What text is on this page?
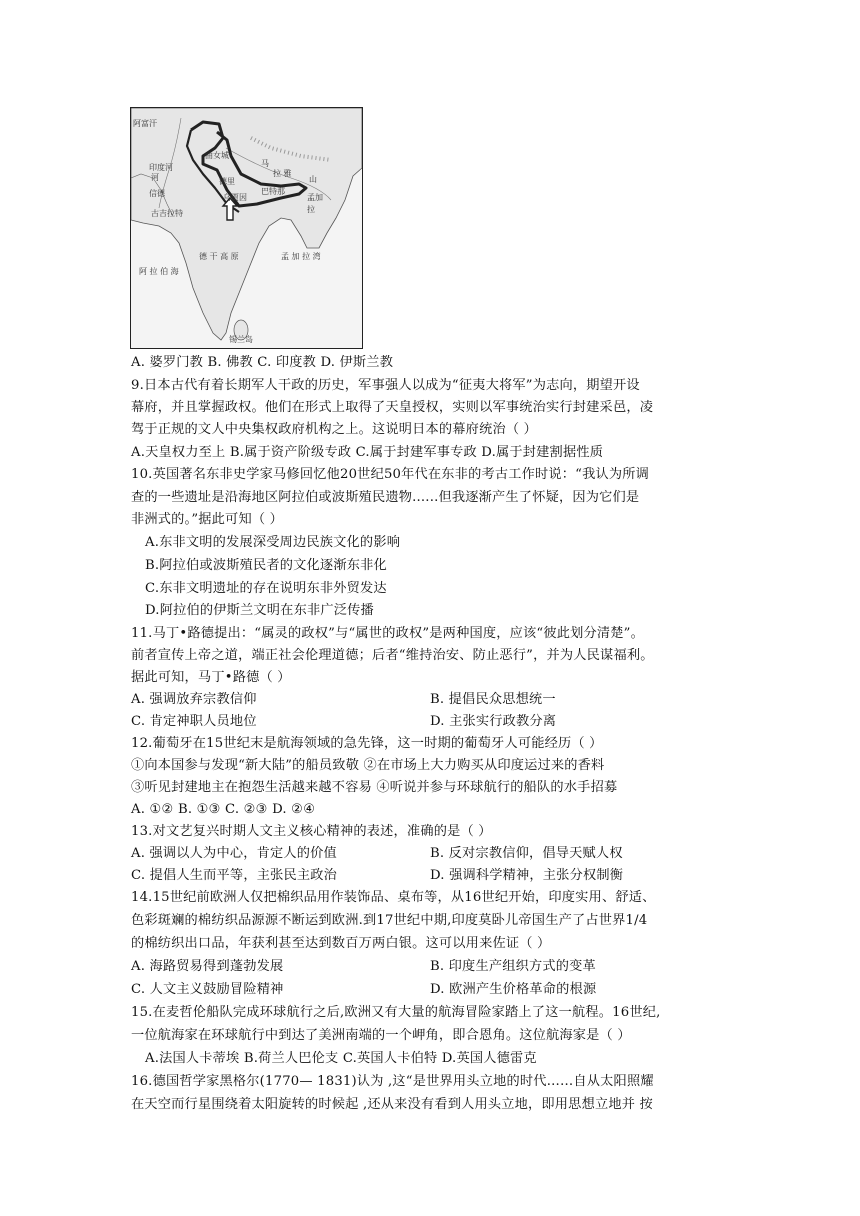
阿富汗
印度河
河
信德
古吉拉特
曲女城
德里
马
拉 雅
山
巴特那
乌贾因	孟加
拉
阿 拉 伯 海
德 干 高 原	孟 加 拉 湾
锡兰岛
A. 婆罗门教 B. 佛教 C. 印度教 D. 伊斯兰教
9.日本古代有着长期军人干政的历史，军事强人以成为“征夷大将军”为志向，期望开设
幕府，并且掌握政权。他们在形式上取得了天皇授权，实则以军事统治实行封建采邑，凌
驾于正规的文人中央集权政府机构之上。这说明日本的幕府统治（ ）
A.天皇权力至上 B.属于资产阶级专政 C.属于封建军事专政 D.属于封建割据性质
10.英国著名东非史学家马修回忆他20世纪50年代在东非的考古工作时说：“我认为所调
查的一些遗址是沿海地区阿拉伯或波斯殖民遗物......但我逐渐产生了怀疑，因为它们是
非洲式的。”据此可知（ ）
A.东非文明的发展深受周边民族文化的影响
B.阿拉伯或波斯殖民者的文化逐渐东非化
C.东非文明遗址的存在说明东非外贸发达
D.阿拉伯的伊斯兰文明在东非广泛传播
11.马丁•路德提出：“属灵的政权”与“属世的政权”是两种国度，应该“彼此划分清楚”。
前者宣传上帝之道，端正社会伦理道德；后者“维持治安、防止恶行”，并为人民谋福利。
据此可知，马丁•路德（ ）
A. 强调放弃宗教信仰	B. 提倡民众思想统一
C. 肯定神职人员地位	D. 主张实行政教分离
12.葡萄牙在15世纪末是航海领域的急先锋，这一时期的葡萄牙人可能经历（ ）
①向本国参与发现“新大陆”的船员致敬 ②在市场上大力购买从印度运过来的香料
③听见封建地主在抱怨生活越来越不容易 ④听说并参与环球航行的船队的水手招募
A. ①② B. ①③ C. ②③ D. ②④
13.对文艺复兴时期人文主义核心精神的表述，准确的是（ ）
A. 强调以人为中心，肯定人的价值	B. 反对宗教信仰，倡导天赋人权
C. 提倡人生而平等，主张民主政治	D. 强调科学精神，主张分权制衡
14.15世纪前欧洲人仅把棉织品用作装饰品、桌布等，从16世纪开始，印度实用、舒适、
色彩斑斓的棉纺织品源源不断运到欧洲.到17世纪中期,印度莫卧儿帝国生产了占世界1/4
的棉纺织出口品，年获利甚至达到数百万两白银。这可以用来佐证（ ）
A. 海路贸易得到蓬勃发展	B. 印度生产组织方式的变革
C. 人文主义鼓励冒险精神	D. 欧洲产生价格革命的根源
15.在麦哲伦船队完成环球航行之后,欧洲又有大量的航海冒险家踏上了这一航程。16世纪,
一位航海家在环球航行中到达了美洲南端的一个岬角，即合恩角。这位航海家是（ ）
A.法国人卡蒂埃 B.荷兰人巴伦支 C.英国人卡伯特 D.英国人德雷克
16.德国哲学家黑格尔(1770— 1831)认为 ,这“是世界用头立地的时代……自从太阳照耀
在天空而行星围绕着太阳旋转的时候起 ,还从来没有看到人用头立地，即用思想立地并 按
